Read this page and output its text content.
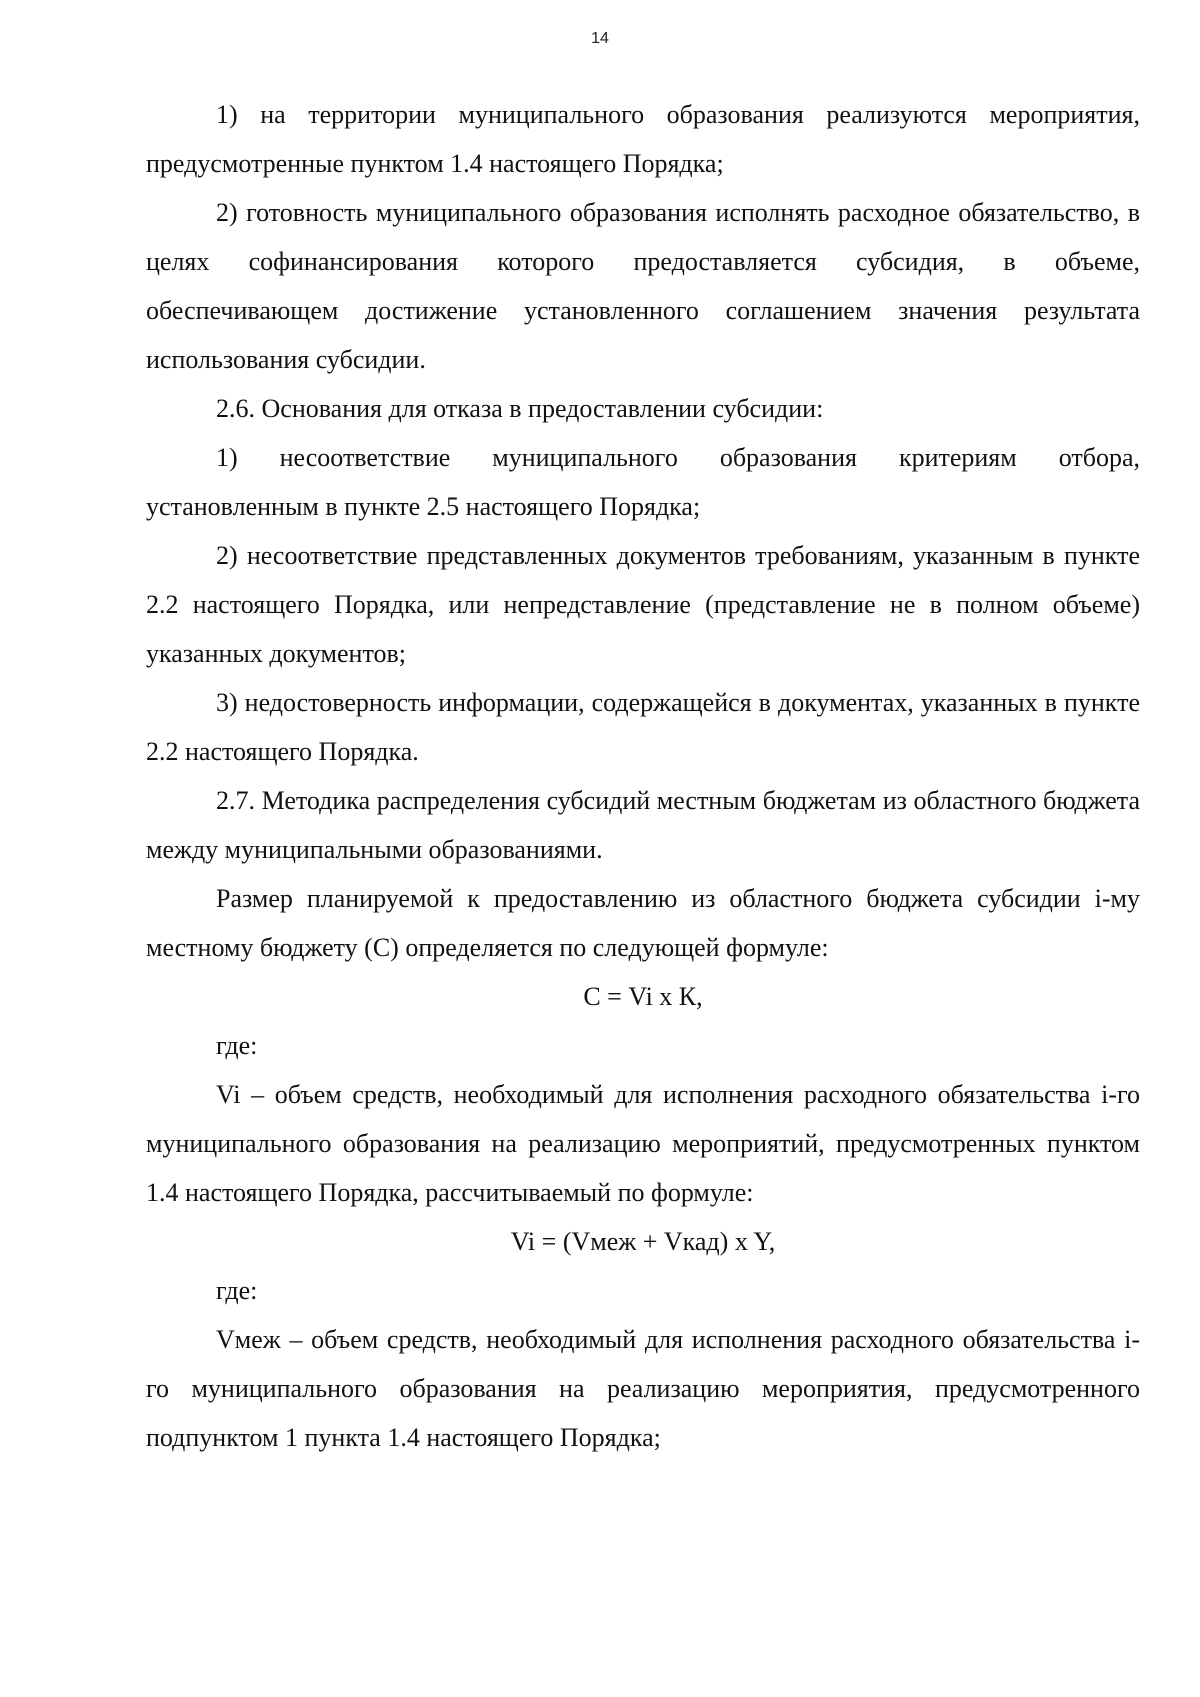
14

1) на территории муниципального образования реализуются мероприятия, предусмотренные пунктом 1.4 настоящего Порядка;

2) готовность муниципального образования исполнять расходное обязательство, в целях софинансирования которого предоставляется субсидия, в объеме, обеспечивающем достижение установленного соглашением значения результата использования субсидии.

2.6. Основания для отказа в предоставлении субсидии:

1) несоответствие муниципального образования критериям отбора, установленным в пункте 2.5 настоящего Порядка;

2) несоответствие представленных документов требованиям, указанным в пункте 2.2 настоящего Порядка, или непредставление (представление не в полном объеме) указанных документов;

3) недостоверность информации, содержащейся в документах, указанных в пункте 2.2 настоящего Порядка.

2.7. Методика распределения субсидий местным бюджетам из областного бюджета между муниципальными образованиями.

Размер планируемой к предоставлению из областного бюджета субсидии i-му местному бюджету (С) определяется по следующей формуле:

С = Vi x К,

где:

Vi – объем средств, необходимый для исполнения расходного обязательства i-го муниципального образования на реализацию мероприятий, предусмотренных пунктом 1.4 настоящего Порядка, рассчитываемый по формуле:

Vi = (Vмеж + Vкад) x Y,

где:

Vмеж – объем средств, необходимый для исполнения расходного обязательства i-го муниципального образования на реализацию мероприятия, предусмотренного подпунктом 1 пункта 1.4 настоящего Порядка;
